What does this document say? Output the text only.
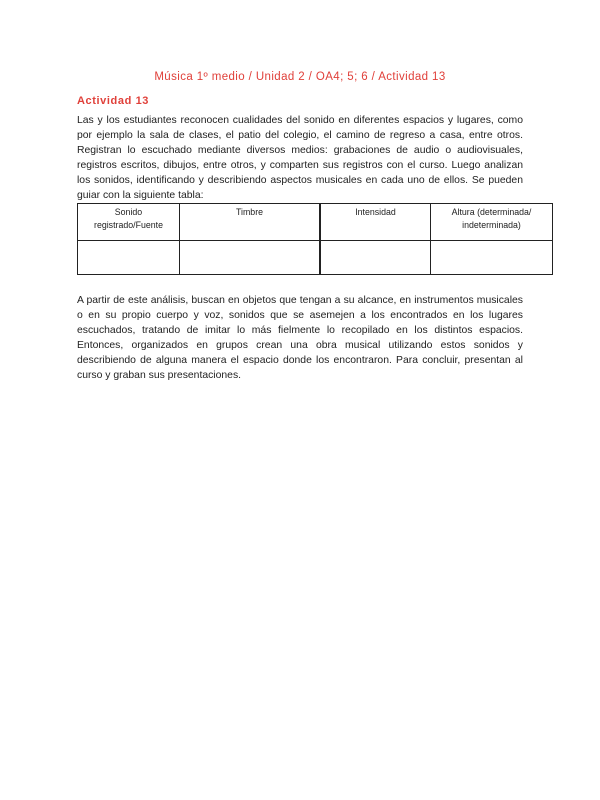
Música 1º medio / Unidad 2 / OA4; 5; 6 / Actividad 13
Actividad 13

Las y los estudiantes reconocen cualidades del sonido en diferentes espacios y lugares, como por ejemplo la sala de clases, el patio del colegio, el camino de regreso a casa, entre otros. Registran lo escuchado mediante diversos medios: grabaciones de audio o audiovisuales, registros escritos, dibujos, entre otros, y comparten sus registros con el curso. Luego analizan los sonidos, identificando y describiendo aspectos musicales en cada uno de ellos. Se pueden guiar con la siguiente tabla:

Sonido registrado/Fuente	Timbre	Intensidad	Altura (determinada/ indeterminada)

A partir de este análisis, buscan en objetos que tengan a su alcance, en instrumentos musicales o en su propio cuerpo y voz, sonidos que se asemejen a los encontrados en los lugares escuchados, tratando de imitar lo más fielmente lo recopilado en los distintos espacios. Entonces, organizados en grupos crean una obra musical utilizando estos sonidos y describiendo de alguna manera el espacio donde los encontraron. Para concluir, presentan al curso y graban sus presentaciones.
